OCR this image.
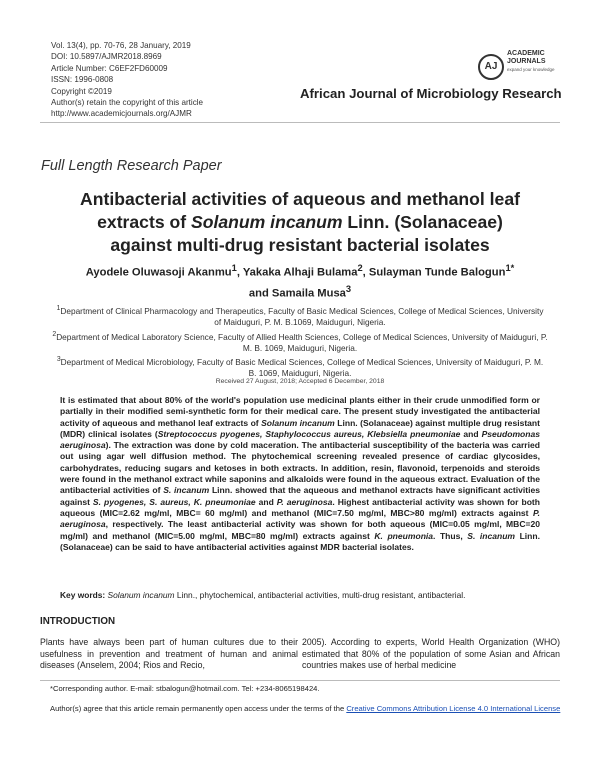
Vol. 13(4), pp. 70-76, 28 January, 2019
DOI: 10.5897/AJMR2018.8969
Article Number: C6EF2FD60009
ISSN: 1996-0808
Copyright ©2019
Author(s) retain the copyright of this article
http://www.academicjournals.org/AJMR
AJ
ACADEMIC
JOURNALS
expand your knowledge
African Journal of Microbiology Research
Full Length Research Paper
Antibacterial activities of aqueous and methanol leaf
extracts of Solanum incanum Linn. (Solanaceae)
against multi-drug resistant bacterial isolates
Ayodele Oluwasoji Akanmu$^1$, Yakaka Alhaji Bulama$^2$, Sulayman Tunde Balogun$^{1*}$
and Samaila Musa$^3$

$^1$Department of Clinical Pharmacology and Therapeutics, Faculty of Basic Medical Sciences, College of Medical Sciences, University of Maiduguri, P. M. B.1069, Maiduguri, Nigeria.

$^2$Department of Medical Laboratory Science, Faculty of Allied Health Sciences, College of Medical Sciences, University of Maiduguri, P. M. B. 1069, Maiduguri, Nigeria.

$^3$Department of Medical Microbiology, Faculty of Basic Medical Sciences, College of Medical Sciences, University of Maiduguri, P. M. B. 1069, Maiduguri, Nigeria.

Received 27 August, 2018; Accepted 6 December, 2018
It is estimated that about 80% of the world's population use medicinal plants either in their crude unmodified form or partially in their modified semi-synthetic form for their medical care. The present study investigated the antibacterial activity of aqueous and methanol leaf extracts of Solanum incanum Linn. (Solanaceae) against multiple drug resistant (MDR) clinical isolates (Streptococcus pyogenes, Staphylococcus aureus, Klebsiella pneumoniae and Pseudomonas aeruginosa). The extraction was done by cold maceration. The antibacterial susceptibility of the bacteria was carried out using agar well diffusion method. The phytochemical screening revealed presence of cardiac glycosides, carbohydrates, reducing sugars and ketoses in both extracts. In addition, resin, flavonoid, terpenoids and steroids were found in the methanol extract while saponins and alkaloids were found in the aqueous extract. Evaluation of the antibacterial activities of S. incanum Linn. showed that the aqueous and methanol extracts have significant activities against S. pyogenes, S. aureus, K. pneumoniae and P. aeruginosa. Highest antibacterial activity was shown for both aqueous (MIC=2.62 mg/ml, MBC= 60 mg/ml) and methanol (MIC=7.50 mg/ml, MBC>80 mg/ml) extracts against P. aeruginosa, respectively. The least antibacterial activity was shown for both aqueous (MIC=0.05 mg/ml, MBC=20 mg/ml) and methanol (MIC=5.00 mg/ml, MBC=80 mg/ml) extracts against K. pneumonia. Thus, S. incanum Linn. (Solanaceae) can be said to have antibacterial activities against MDR bacterial isolates.
Key words: Solanum incanum Linn., phytochemical, antibacterial activities, multi-drug resistant, antibacterial.
INTRODUCTION
Plants have always been part of human cultures due to their usefulness in prevention and treatment of human and animal diseases (Anselem, 2004; Rios and Recio,
2005). According to experts, World Health Organization (WHO) estimated that 80% of the population of some Asian and African countries makes use of herbal medicine
*Corresponding author. E-mail: stbalogun@hotmail.com. Tel: +234-8065198424.
Author(s) agree that this article remain permanently open access under the terms of the Creative Commons Attribution License 4.0 International License
